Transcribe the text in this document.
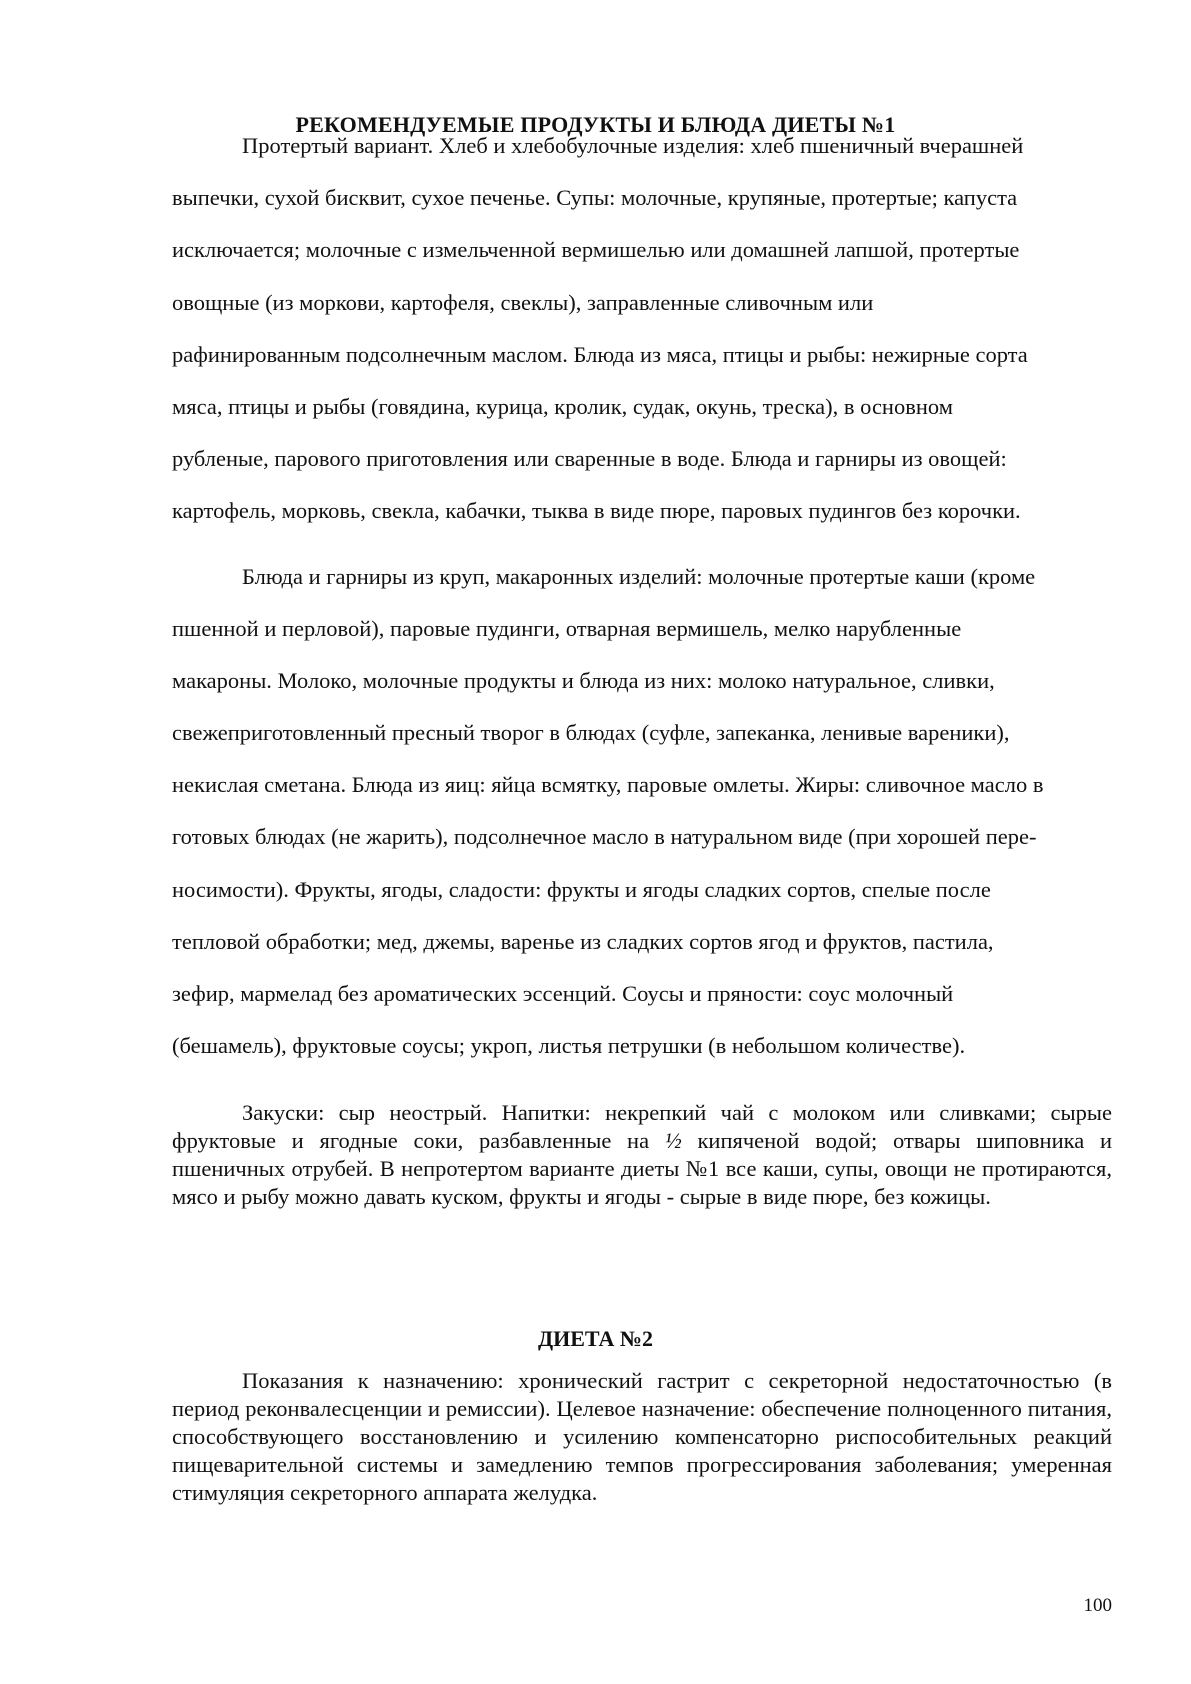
РЕКОМЕНДУЕМЫЕ ПРОДУКТЫ И БЛЮДА ДИЕТЫ №1
Протертый вариант. Хлеб и хлебобулочные изделия: хлеб пшеничный вчерашней
выпечки, сухой бисквит, сухое печенье. Супы: молочные, крупяные, протертые; капуста
исключается; молочные с измельченной вермишелью или домашней лапшой, протертые
овощные (из моркови, картофеля, свеклы), заправленные сливочным или
рафинированным подсолнечным маслом. Блюда из мяса, птицы и рыбы: нежирные сорта
мяса, птицы и рыбы (говядина, курица, кролик, судак, окунь, треска), в основном
рубленые, парового приготовления или сваренные в воде. Блюда и гарниры из овощей:
картофель, морковь, свекла, кабачки, тыква в виде пюре, паровых пудингов без корочки.
Блюда и гарниры из круп, макаронных изделий: молочные протертые каши (кроме
пшенной и перловой), паровые пудинги, отварная вермишель, мелко нарубленные
макароны. Молоко, молочные продукты и блюда из них: молоко натуральное, сливки,
свежеприготовленный пресный творог в блюдах (суфле, запеканка, ленивые вареники),
некислая сметана. Блюда из яиц: яйца всмятку, паровые омлеты. Жиры: сливочное масло в
готовых блюдах (не жарить), подсолнечное масло в натуральном виде (при хорошей пере-
носимости). Фрукты, ягоды, сладости: фрукты и ягоды сладких сортов, спелые после
тепловой обработки; мед, джемы, варенье из сладких сортов ягод и фруктов, пастила,
зефир, мармелад без ароматических эссенций. Соусы и пряности: соус молочный
(бешамель), фруктовые соусы; укроп, листья петрушки (в небольшом количестве).
Закуски: сыр неострый. Напитки: некрепкий чай с молоком или сливками; сырые фруктовые и ягодные соки, разбавленные на ½ кипяченой водой; отвары шиповника и пшеничных отрубей. В непротертом варианте диеты №1 все каши, супы, овощи не протираются, мясо и рыбу можно давать куском, фрукты и ягоды - сырые в виде пюре, без кожицы.
ДИЕТА №2
Показания к назначению: хронический гастрит с секреторной недостаточностью (в период реконвалесценции и ремиссии). Целевое назначение: обеспечение полноценного питания, способствующего восстановлению и усилению компенсаторно риспособительных реакций пищеварительной системы и замедлению темпов прогрессирования заболевания; умеренная стимуляция секреторного аппарата желудка.
100
